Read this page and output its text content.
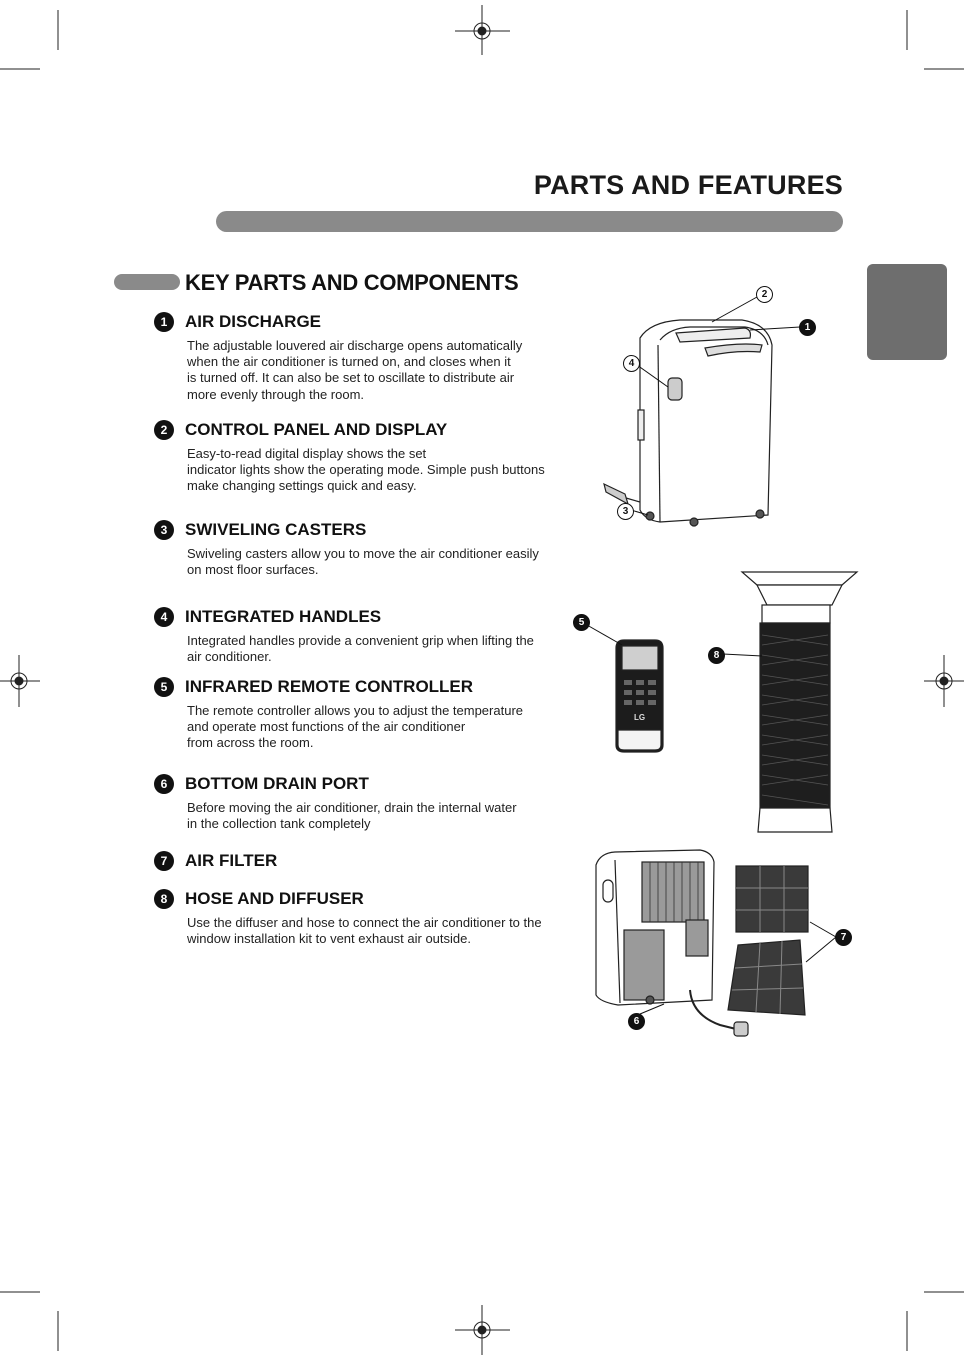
PARTS AND FEATURES
KEY PARTS AND COMPONENTS
1	AIR DISCHARGE
The adjustable louvered air discharge opens automatically
when the air conditioner is turned on, and closes when it
is turned off. It can also be set to oscillate to distribute air
more evenly through the room.
2	CONTROL PANEL AND DISPLAY
Easy-to-read digital display shows the set
indicator lights show the operating mode. Simple push buttons
make changing settings quick and easy.
3	SWIVELING CASTERS
Swiveling casters allow you to move the air conditioner easily
on most floor surfaces.
4	INTEGRATED HANDLES
Integrated handles provide a convenient grip when lifting the
air conditioner.
5	INFRARED REMOTE CONTROLLER
The remote controller allows you to adjust the temperature
and operate most functions of the air conditioner
from across the room.
6	BOTTOM DRAIN PORT
Before moving the air conditioner, drain the internal water
in the collection tank completely
7	AIR FILTER
8	HOSE AND DIFFUSER
Use the diffuser and hose to connect the air conditioner to the
window installation kit to vent exhaust air outside.
2
1
4
3
LG
5
8
6
7
